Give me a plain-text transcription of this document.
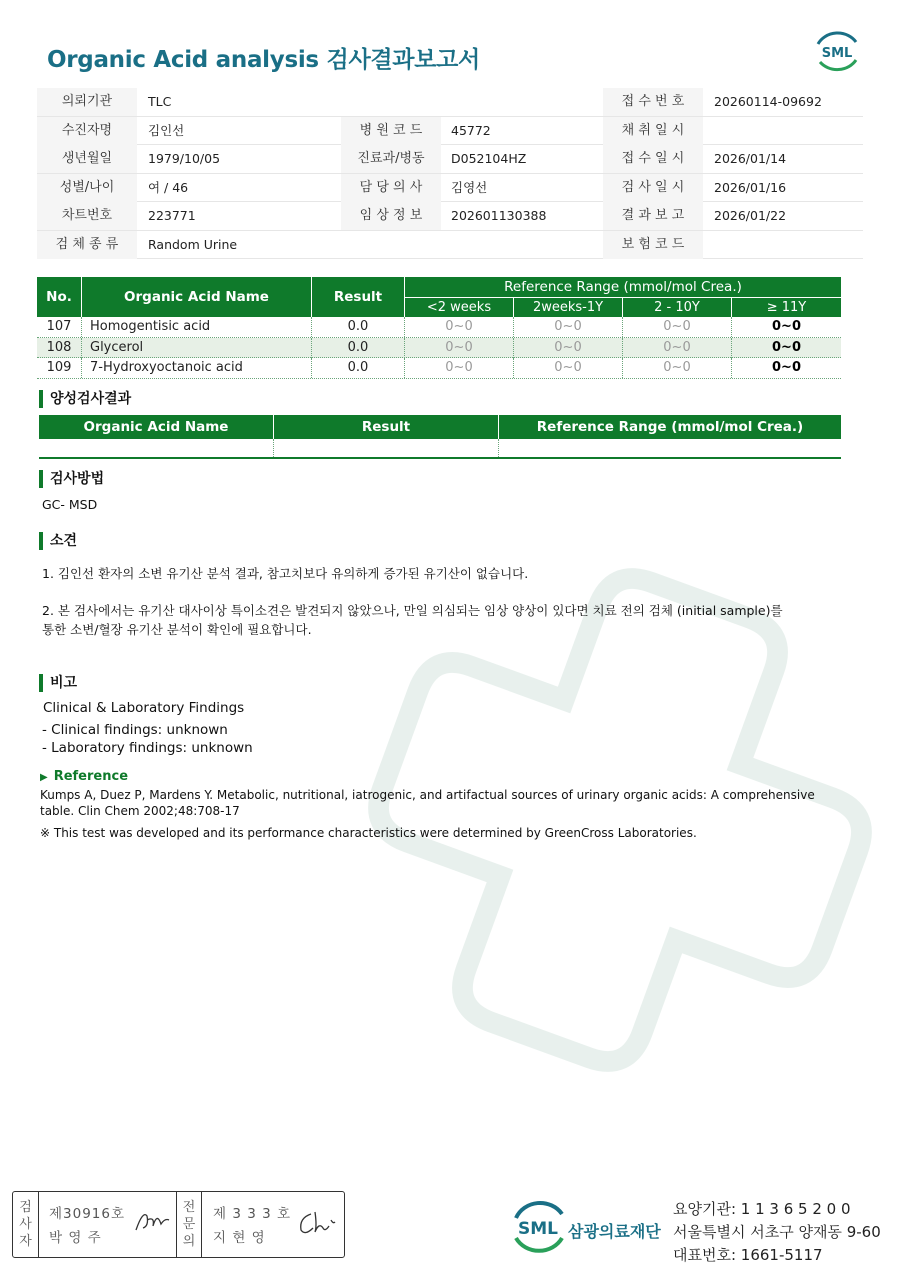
Organic Acid analysis 검사결과보고서	SML
의뢰기관	TLC	접 수 번 호	20260114-09692
수진자명	김인선	병 원 코 드	45772	채 취 일 시
생년월일	1979/10/05	진료과/병동	D052104HZ	접 수 일 시	2026/01/14
성별/나이	여 / 46	담 당 의 사	김영선	검 사 일 시	2026/01/16
차트번호	223771	임 상 정 보	202601130388	결 과 보 고	2026/01/22
검 체 종 류	Random Urine	보 험 코 드
No.	Organic Acid Name	Result
Reference Range (mmol/mol Crea.)
<2 weeks	2weeks-1Y	2 - 10Y	≥ 11Y
107	Homogentisic acid	0.0	0~0	0~0	0~0	0~0
108	Glycerol	0.0	0~0	0~0	0~0	0~0
109	7-Hydroxyoctanoic acid	0.0	0~0	0~0	0~0	0~0
양성검사결과
Organic Acid Name	Result	Reference Range (mmol/mol Crea.)
검사방법
GC- MSD
소견
1. 김인선 환자의 소변 유기산 분석 결과, 참고치보다 유의하게 증가된 유기산이 없습니다.
2. 본 검사에서는 유기산 대사이상 특이소견은 발견되지 않았으나, 만일 의심되는 임상 양상이 있다면 치료 전의 검체 (initial sample)를
통한 소변/혈장 유기산 분석이 확인에 필요합니다.
비고
Clinical & Laboratory Findings
- Clinical findings: unknown
- Laboratory findings: unknown
▶ Reference
Kumps A, Duez P, Mardens Y. Metabolic, nutritional, iatrogenic, and artifactual sources of urinary organic acids: A comprehensive
table. Clin Chem 2002;48:708-17
※ This test was developed and its performance characteristics were determined by GreenCross Laboratories.
검
사
자
제30916호
박 영 주
전
문
의
제 3 3 3 호
지 현 영	SML 삼광의료재단
요양기관: 1 1 3 6 5 2 0 0
서울특별시 서초구 양재동 9-60
대표번호: 1661-5117
